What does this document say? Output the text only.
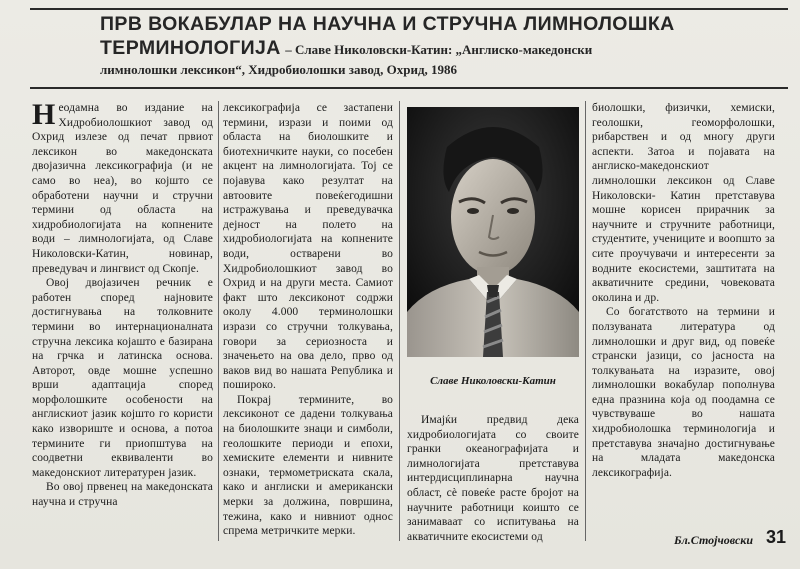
ПРВ ВОКАБУЛАР НА НАУЧНА И СТРУЧНА ЛИМНОЛОШКА
ТЕРМИНОЛОГИЈА – Славе Николовски-Катин: „Англиско-македонски
лимнолошки лексикон“, Хидробиолошки завод, Охрид, 1986

Неодамна во издание на Хидробиолошкиот завод од Охрид излезе од печат првиот лексикон во македонската двојазична лексикографија (и не само во неа), во којшто се обработени научни и стручни термини од областа на хидробиологијата на копнените води – лимнологијата, од Славе Николовски-Катин, новинар, преведувач и лингвист од Скопје.

Овој двојазичен речник е работен според најновите достигнувања на толковните термини во интернационалната стручна лексика којашто е базирана на грчка и латинска основа. Авторот, овде мошне успешно врши адаптација според морфолошките особености на англискиот јазик којшто го користи како извориште и основа, а потоа термините ги приопштува на соодветни еквиваленти во македонскиот литературен јазик.

Во овој првенец на македонската научна и стручна

лексикографија се застапени термини, изрази и поими од областа на биолошките и биотехничките науки, со посебен акцент на лимнологијата. Тој се појавува како резултат на автоовите повеќегодишни истражувања и преведувачка дејност на полето на хидробиологијата на копнените води, остварени во Хидробиолошкиот завод во Охрид и на други места. Самиот факт што лексиконот содржи околу 4.000 терминолошки изрази со стручни толкувања, говори за сериозноста и значењето на ова дело, прво од ваков вид во нашата Република и пошироко.

Покрај термините, во лексиконот се дадени толкувања на биолошките знаци и симболи, геолошките периоди и епохи, хемиските елементи и нивните ознаки, термометриската скала, како и англиски и американски мерки за должина, површина, тежина, како и нивниот однос спрема метричките мерки.

Славе Николовски-Катин

Имајќи предвид дека хидробиологијата со своите гранки океанографијата и лимнологијата претставува интердисциплинарна научна област, сè повеќе расте бројот на научните работници коишто се занимаваат со испитувања на акватичните екосистеми од

биолошки, физички, хемиски, геолошки, геоморфолошки, рибарствен и од многу други аспекти. Затоа и појавата на англиско-македонскиот лимнолошки лексикон од Славе Николовски- Катин претставува мошне корисен прирачник за научните и стручните работници, студентите, учениците и воопшто за сите проучувачи и интересенти за водните екосистеми, заштитата на акватичните средини, човековата околина и др.

Со богатството на термини и ползуваната литература од лимнолошки и друг вид, од повеќе странски јазици, со јасноста на толкувањата на изразите, овој лимнолошки вокабулар пополнува една празнина која од поодамна се чувствуваше во нашата хидробиолошка терминологија и претставува значајно достигнување на младата македонска лексикографија.

Бл.Стојчовски 31
